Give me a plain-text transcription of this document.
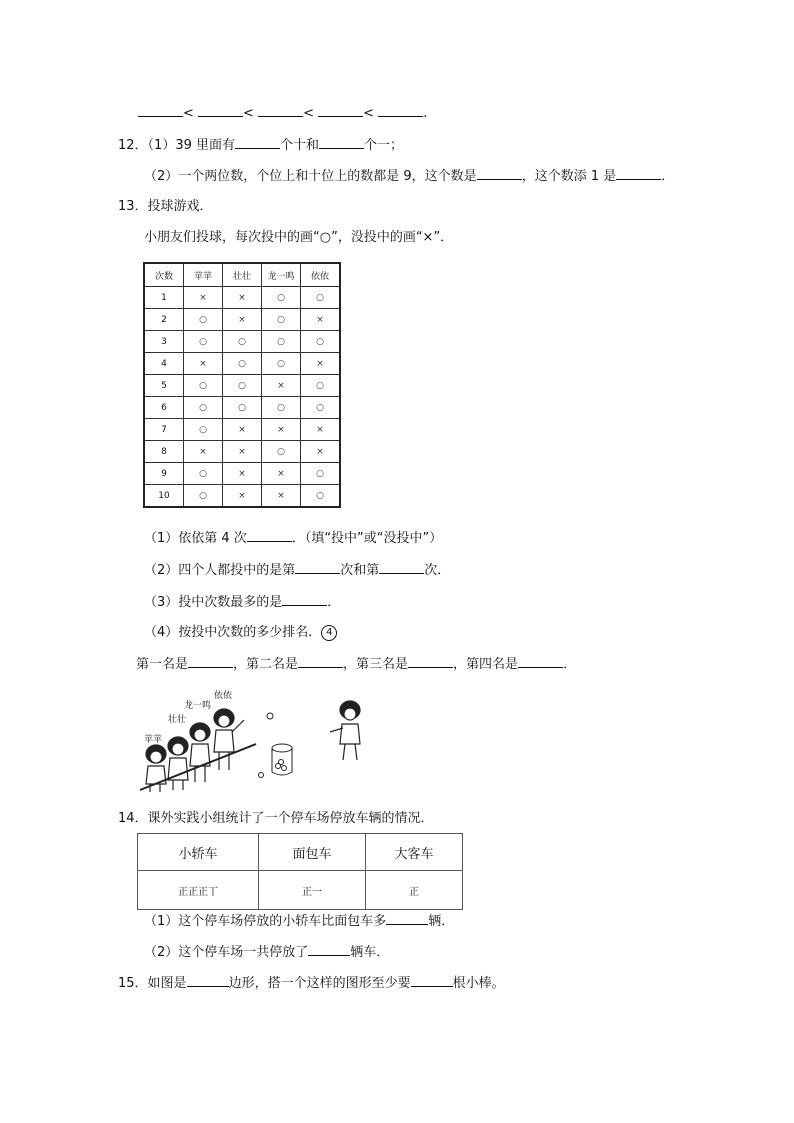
<	<	<	<	.
12．（1）39 里面有	个十和	个一；
（2）一个两位数，个位上和十位上的数都是 9，这个数是	，这个数添 1 是	．
13．投球游戏．
小朋友们投球，每次投中的画“○”，没投中的画“×”．
次数	苹苹	壮壮	龙一鸣	依依
1	×	×	○	○
2	○	×	○	×
3	○	○	○	○
4	×	○	○	×
5	○	○	×	○
6	○	○	○	○
7	○	×	×	×
8	×	×	○	×
9	○	×	×	○
10	○	×	×	○
（1）依依第 4 次	．（填“投中”或“没投中”）
（2）四个人都投中的是第	次和第	次．
（3）投中次数最多的是	．
（4）按投中次数的多少排名． 4
第一名是	，第二名是	，第三名是	，第四名是	．
苹苹
壮壮
龙一鸣
依依
14．课外实践小组统计了一个停车场停放车辆的情况．
小轿车	面包车	大客车
正正正丅	正一	正
（1）这个停车场停放的小轿车比面包车多	辆．
（2）这个停车场一共停放了	辆车．
15．如图是	边形，搭一个这样的图形至少要	根小棒。
